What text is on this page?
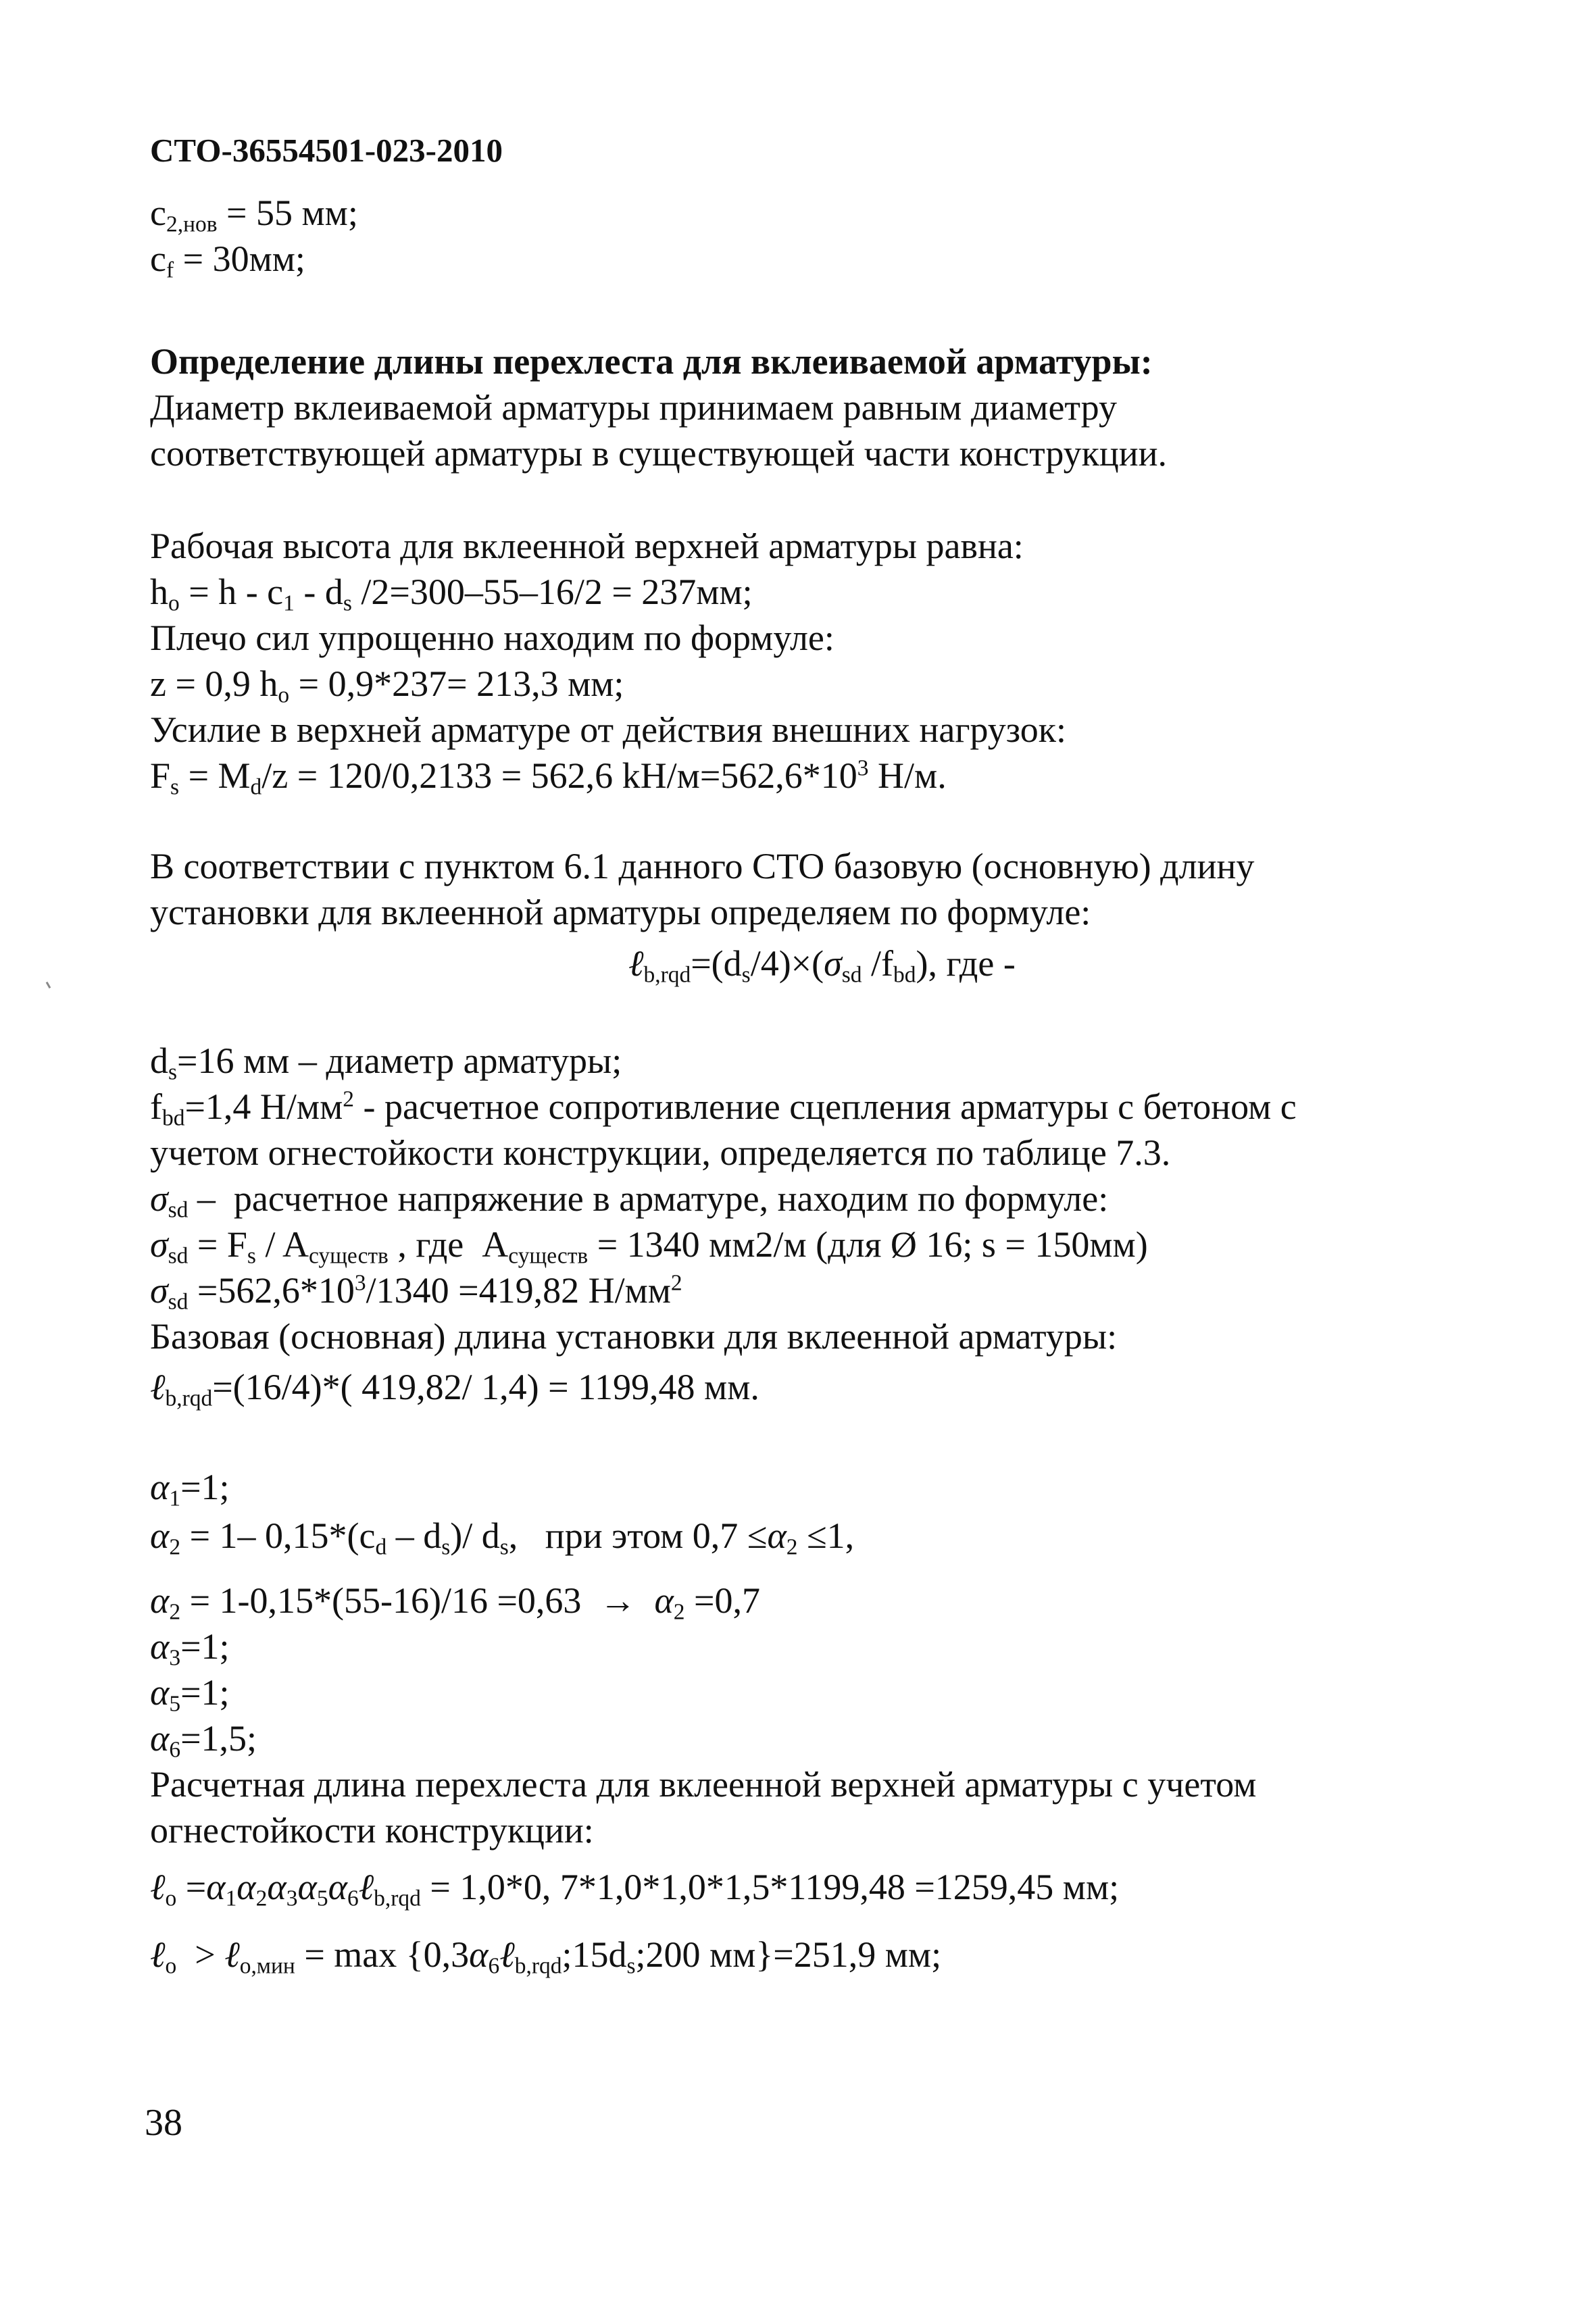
СТО-36554501-023-2010
$c_{2,нов} = 55$ мм;
$c_f = 30мм$;
Определение длины перехлеста для вклеиваемой арматуры:
Диаметр вклеиваемой арматуры принимаем равным диаметру
соответствующей арматуры в существующей части конструкции.
Рабочая высота для вклеенной верхней арматуры равна:
$h_o = h - c_1 - d_s$ /2=300–55–16/2 = 237мм;
Плечо сил упрощенно находим по формуле:
z = 0,9 $h_o = 0,9*237= 213,3$ мм;
Усилие в верхней арматуре от действия внешних нагрузок:
$F_s = M_d/z = 120/0,2133 = 562,6$ $kH/м=562,6*10^3$ Н/м.
В соответствии с пунктом 6.1 данного СТО базовую (основную) длину
установки для вклеенной арматуры определяем по формуле:
$\ell_{b,rqd}=(d_s/4)\times(\sigma_{sd}$ $/f_{bd}$), где -
$d_s=16$ мм – диаметр арматуры;
$f_{bd}=1,4$ $Н/мм^2$ - расчетное сопротивление сцепления арматуры с бетоном с
учетом огнестойкости конструкции, определяется по таблице 7.3.
$\sigma_{sd}$ –  расчетное напряжение в арматуре, находим по формуле:
$\sigma_{sd} = F_s / A_{существ}$ , где  $A_{существ} = 1340$ мм2/м (для Ø 16; s = 150мм)
$\sigma_{sd} =562,6*10^3/1340 =419,82$ $Н/мм^2$
Базовая (основная) длина установки для вклеенной арматуры:
ℓ$_{b,rqd}$=(16/4)*( 419,82/ 1,4) = 1199,48 мм.
$\alpha_1=1$;
$\alpha_2 = 1-$ $0,15*(c_d - d_s)/$ $d_s$,   при этом $0,7 \le\alpha_2 \le 1$,
$\alpha_2 = 1-0,15*(55-16)/16 =0,63 \to \alpha_2 =0,7$
$\alpha_3=1$;
$\alpha_5=1$;
$\alpha_6=1,5$;
Расчетная длина перехлеста для вклеенной верхней арматуры с учетом
огнестойкости конструкции:
ℓ$_o$ $=\alpha_1\alpha_2\alpha_3\alpha_5\alpha_6\ell_{b,rqd} = 1,0*0$, 7*1,0*1,0*1,5*1199,48 =1259,45 мм;
ℓ$_o$  > ℓ$_{o,мин}$ = $\max \{0,3\alpha_6\ell_{b,rqd};15d_s;200$ мм}=251,9 мм;
38
